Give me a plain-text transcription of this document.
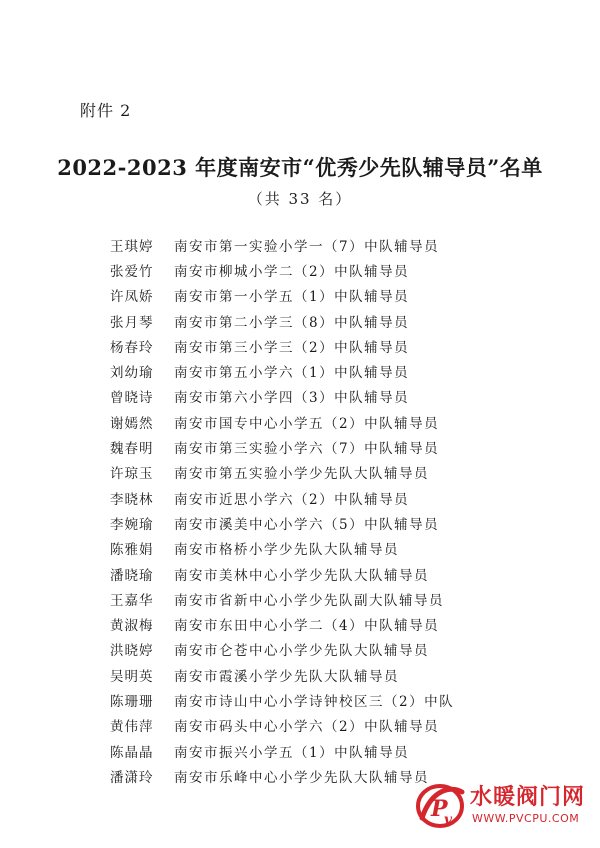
附件 2
2022-2023 年度南安市“优秀少先队辅导员”名单
（共 33 名）
王琪婷	南安市第一实验小学一（7）中队辅导员
张爱竹	南安市柳城小学二（2）中队辅导员
许凤娇	南安市第一小学五（1）中队辅导员
张月琴	南安市第二小学三（8）中队辅导员
杨春玲	南安市第三小学三（2）中队辅导员
刘幼瑜	南安市第五小学六（1）中队辅导员
曾晓诗	南安市第六小学四（3）中队辅导员
谢嫣然	南安市国专中心小学五（2）中队辅导员
魏春明	南安市第三实验小学六（7）中队辅导员
许琼玉	南安市第五实验小学少先队大队辅导员
李晓林	南安市近思小学六（2）中队辅导员
李婉瑜	南安市溪美中心小学六（5）中队辅导员
陈雅娟	南安市格桥小学少先队大队辅导员
潘晓瑜	南安市美林中心小学少先队大队辅导员
王嘉华	南安市省新中心小学少先队副大队辅导员
黄淑梅	南安市东田中心小学二（4）中队辅导员
洪晓婷	南安市仑苍中心小学少先队大队辅导员
吴明英	南安市霞溪小学少先队大队辅导员
陈珊珊	南安市诗山中心小学诗钟校区三（2）中队
黄伟萍	南安市码头中心小学六（2）中队辅导员
陈晶晶	南安市振兴小学五（1）中队辅导员
潘潇玲	南安市乐峰中心小学少先队大队辅导员
P
v
水暖阀门网
WWW.PVCPU.COM
